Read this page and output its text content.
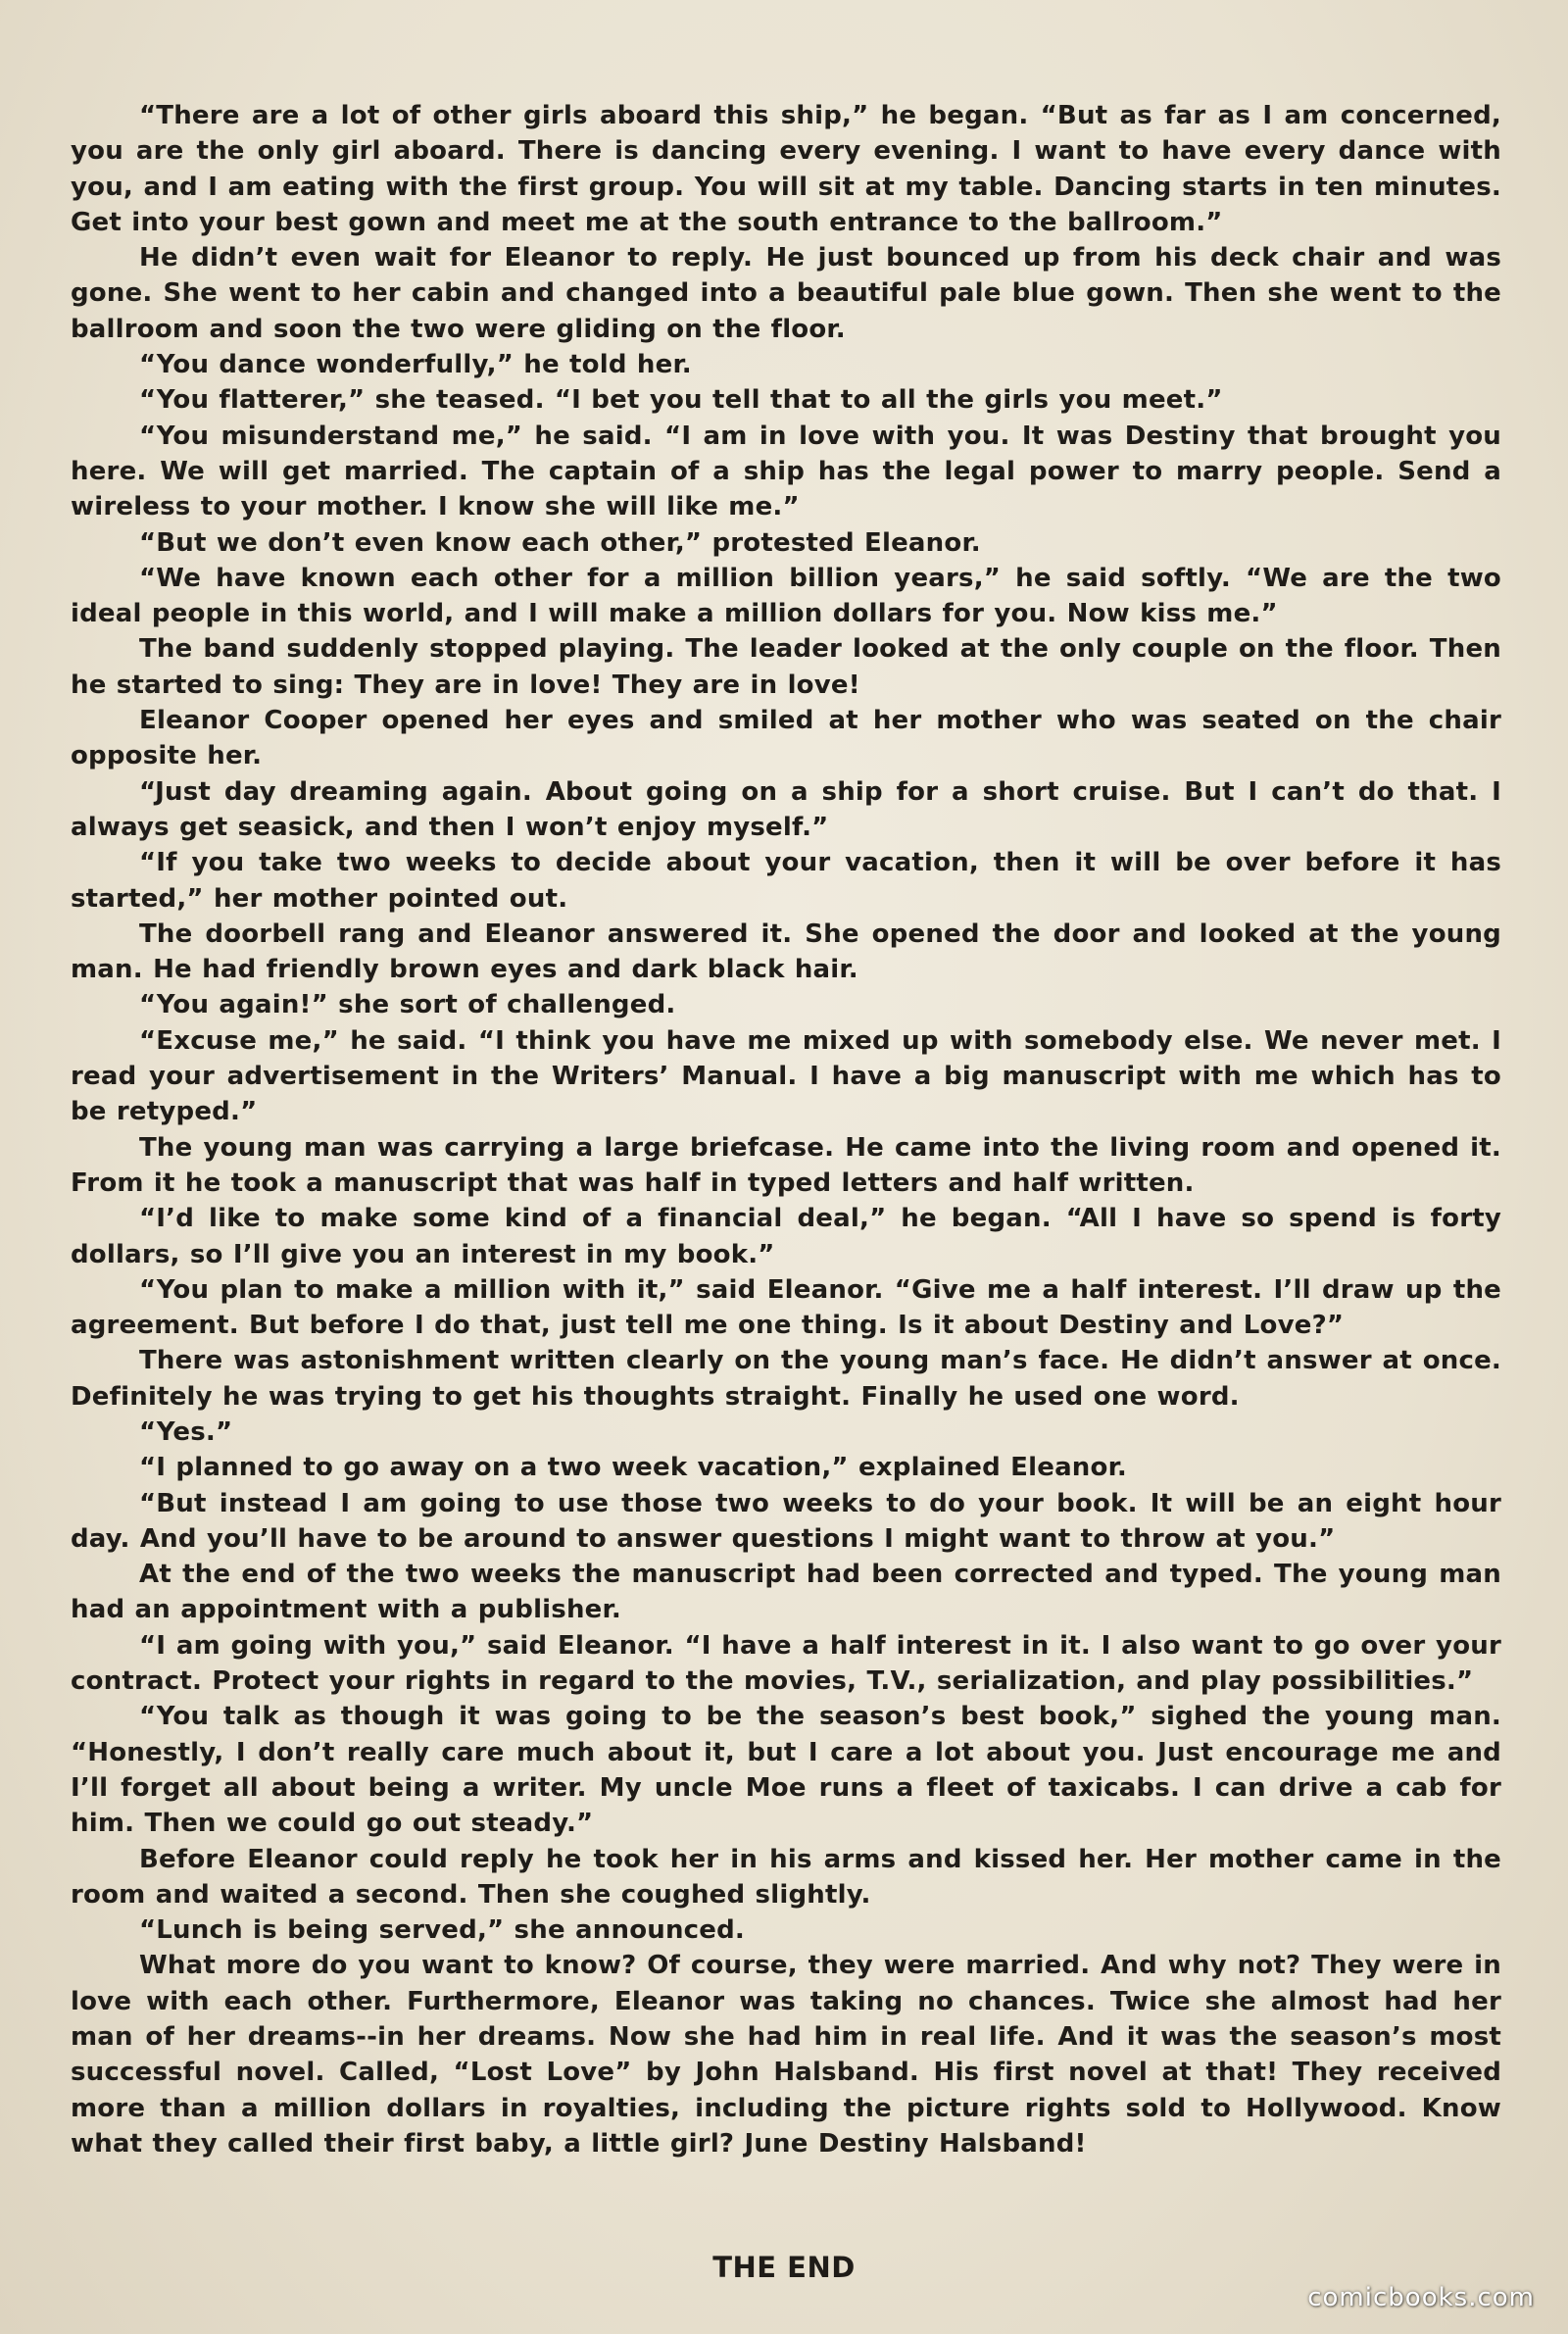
“There are a lot of other girls aboard this ship,” he began. “But as far as I am concerned, you are the only girl aboard. There is dancing every evening. I want to have every dance with you, and I am eating with the first group. You will sit at my table. Dancing starts in ten minutes. Get into your best gown and meet me at the south entrance to the ballroom.”

He didn’t even wait for Eleanor to reply. He just bounced up from his deck chair and was gone. She went to her cabin and changed into a beautiful pale blue gown. Then she went to the ballroom and soon the two were gliding on the floor.

“You dance wonderfully,” he told her.

“You flatterer,” she teased. “I bet you tell that to all the girls you meet.”

“You misunderstand me,” he said. “I am in love with you. It was Destiny that brought you here. We will get married. The captain of a ship has the legal power to marry people. Send a wireless to your mother. I know she will like me.”

“But we don’t even know each other,” protested Eleanor.

“We have known each other for a million billion years,” he said softly. “We are the two ideal people in this world, and I will make a million dollars for you. Now kiss me.”

The band suddenly stopped playing. The leader looked at the only couple on the floor. Then he started to sing: They are in love! They are in love!

Eleanor Cooper opened her eyes and smiled at her mother who was seated on the chair opposite her.

“Just day dreaming again. About going on a ship for a short cruise. But I can’t do that. I always get seasick, and then I won’t enjoy myself.”

“If you take two weeks to decide about your vacation, then it will be over before it has started,” her mother pointed out.

The doorbell rang and Eleanor answered it. She opened the door and looked at the young man. He had friendly brown eyes and dark black hair.

“You again!” she sort of challenged.

“Excuse me,” he said. “I think you have me mixed up with somebody else. We never met. I read your advertisement in the Writers’ Manual. I have a big manuscript with me which has to be retyped.”

The young man was carrying a large briefcase. He came into the living room and opened it. From it he took a manuscript that was half in typed letters and half written.

“I’d like to make some kind of a financial deal,” he began. “All I have so spend is forty dollars, so I’ll give you an interest in my book.”

“You plan to make a million with it,” said Eleanor. “Give me a half interest. I’ll draw up the agreement. But before I do that, just tell me one thing. Is it about Destiny and Love?”

There was astonishment written clearly on the young man’s face. He didn’t answer at once. Definitely he was trying to get his thoughts straight. Finally he used one word.

“Yes.”

“I planned to go away on a two week vacation,” explained Eleanor.

“But instead I am going to use those two weeks to do your book. It will be an eight hour day. And you’ll have to be around to answer questions I might want to throw at you.”

At the end of the two weeks the manuscript had been corrected and typed. The young man had an appointment with a publisher.

“I am going with you,” said Eleanor. “I have a half interest in it. I also want to go over your contract. Protect your rights in regard to the movies, T.V., serialization, and play possibilities.”

“You talk as though it was going to be the season’s best book,” sighed the young man. “Honestly, I don’t really care much about it, but I care a lot about you. Just encourage me and I’ll forget all about being a writer. My uncle Moe runs a fleet of taxicabs. I can drive a cab for him. Then we could go out steady.”

Before Eleanor could reply he took her in his arms and kissed her. Her mother came in the room and waited a second. Then she coughed slightly.

“Lunch is being served,” she announced.

What more do you want to know? Of course, they were married. And why not? They were in love with each other. Furthermore, Eleanor was taking no chances. Twice she almost had her man of her dreams--in her dreams. Now she had him in real life. And it was the season’s most successful novel. Called, “Lost Love” by John Halsband. His first novel at that! They received more than a million dollars in royalties, including the picture rights sold to Hollywood. Know what they called their first baby, a little girl? June Destiny Halsband!

THE END
comicbooks.com
